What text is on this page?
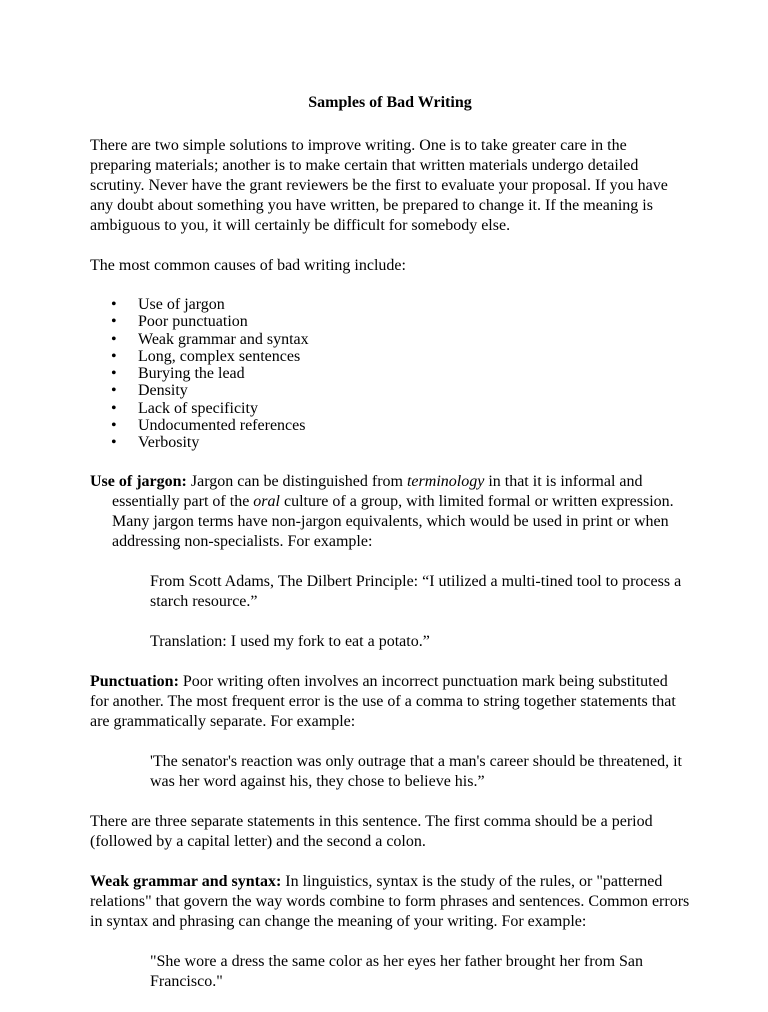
Samples of Bad Writing

There are two simple solutions to improve writing. One is to take greater care in the preparing materials; another is to make certain that written materials undergo detailed scrutiny. Never have the grant reviewers be the first to evaluate your proposal. If you have any doubt about something you have written, be prepared to change it. If the meaning is ambiguous to you, it will certainly be difficult for somebody else.

The most common causes of bad writing include:

• Use of jargon
• Poor punctuation
• Weak grammar and syntax
• Long, complex sentences
• Burying the lead
• Density
• Lack of specificity
• Undocumented references
• Verbosity

Use of jargon: Jargon can be distinguished from terminology in that it is informal and essentially part of the oral culture of a group, with limited formal or written expression. Many jargon terms have non-jargon equivalents, which would be used in print or when addressing non-specialists. For example:

From Scott Adams, The Dilbert Principle: “I utilized a multi-tined tool to process a starch resource.”

Translation: I used my fork to eat a potato.”

Punctuation: Poor writing often involves an incorrect punctuation mark being substituted for another. The most frequent error is the use of a comma to string together statements that are grammatically separate. For example:

'The senator's reaction was only outrage that a man's career should be threatened, it was her word against his, they chose to believe his.”

There are three separate statements in this sentence. The first comma should be a period (followed by a capital letter) and the second a colon.

Weak grammar and syntax: In linguistics, syntax is the study of the rules, or "patterned relations" that govern the way words combine to form phrases and sentences. Common errors in syntax and phrasing can change the meaning of your writing. For example:

"She wore a dress the same color as her eyes her father brought her from San Francisco."
